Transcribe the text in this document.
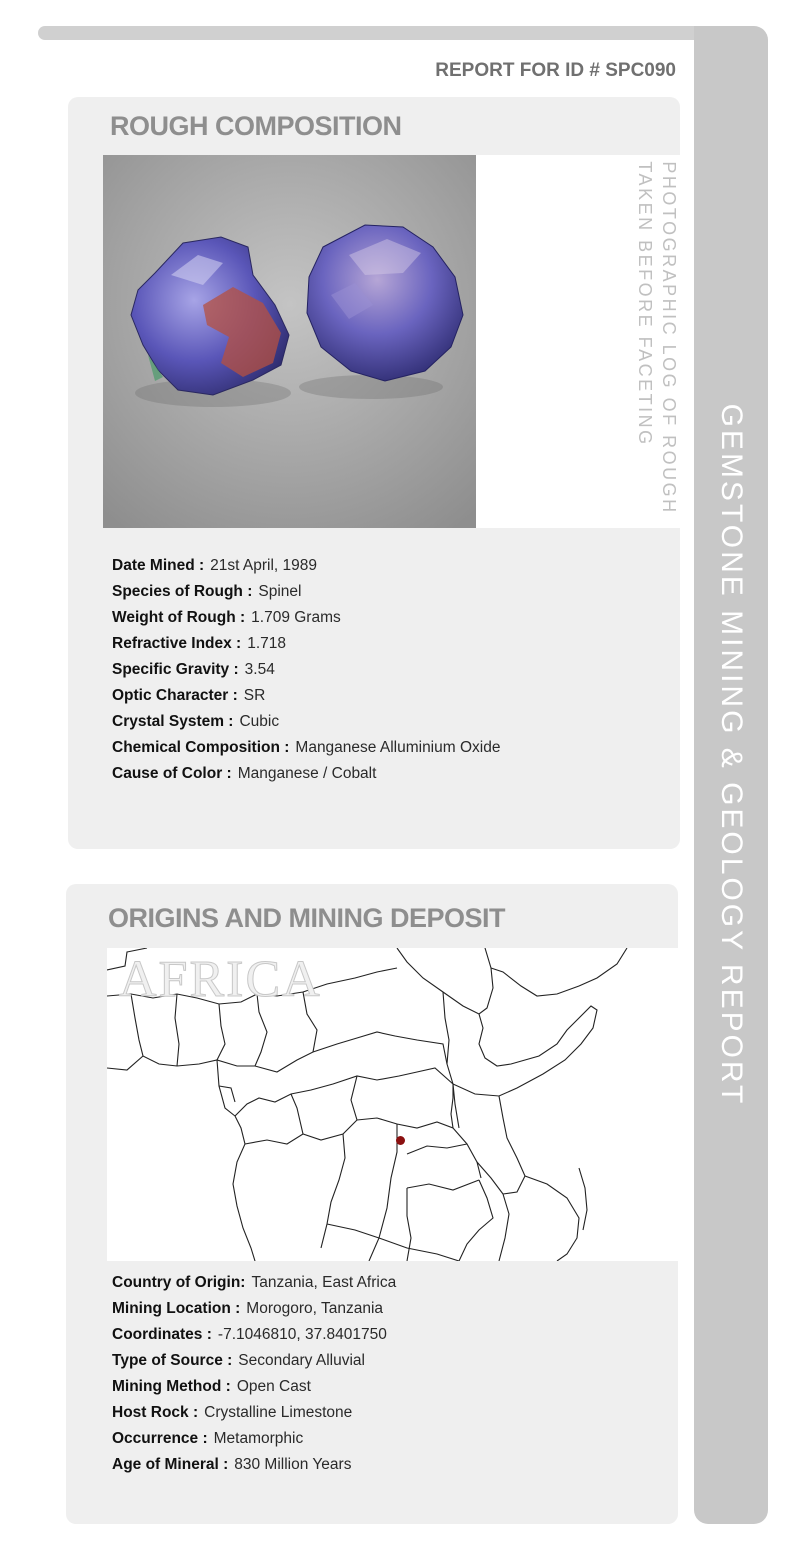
GEMSTONE MINING & GEOLOGY REPORT
REPORT FOR ID # SPC090
ROUGH COMPOSITION
PHOTOGRAPHIC LOG OF ROUGH
TAKEN BEFORE FACETING
Date Mined : 21st April, 1989
Species of Rough : Spinel
Weight of Rough : 1.709 Grams
Refractive Index : 1.718
Specific Gravity : 3.54
Optic Character : SR
Crystal System : Cubic
Chemical Composition : Manganese Alluminium Oxide
Cause of Color : Manganese / Cobalt
ORIGINS AND MINING DEPOSIT
AFRICA
Country of Origin: Tanzania, East Africa
Mining Location : Morogoro, Tanzania
Coordinates : -7.1046810, 37.8401750
Type of Source : Secondary Alluvial
Mining Method : Open Cast
Host Rock : Crystalline Limestone
Occurrence : Metamorphic
Age of Mineral : 830 Million Years
